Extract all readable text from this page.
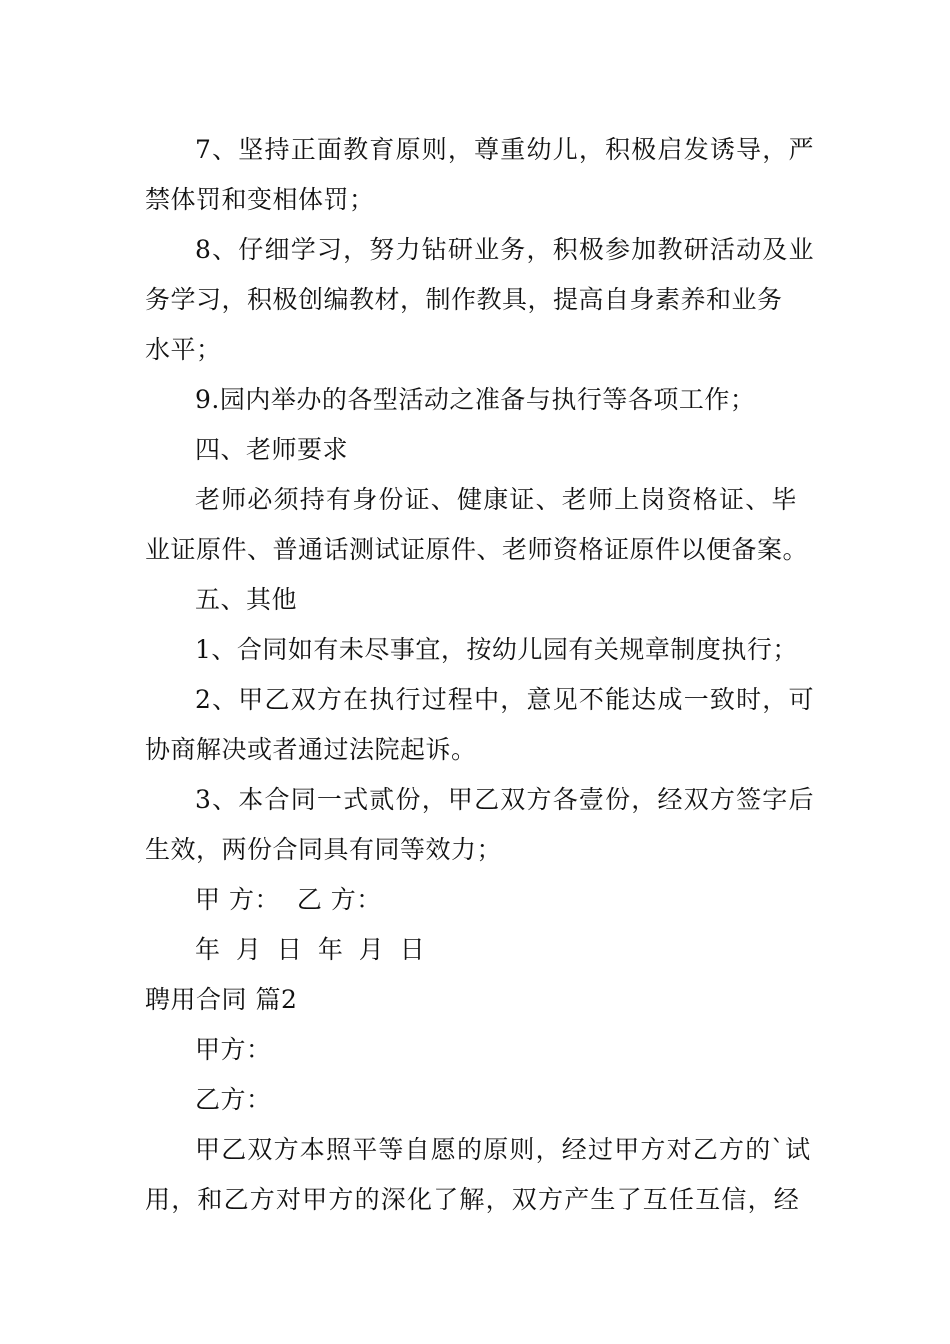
7、坚持正面教育原则，尊重幼儿，积极启发诱导，严
禁体罚和变相体罚；
8、仔细学习，努力钻研业务，积极参加教研活动及业
务学习，积极创编教材，制作教具，提高自身素养和业务
水平；
9.园内举办的各型活动之准备与执行等各项工作；
四、老师要求
老师必须持有身份证、健康证、老师上岗资格证、毕
业证原件、普通话测试证原件、老师资格证原件以便备案。
五、其他
1、合同如有未尽事宜，按幼儿园有关规章制度执行；
2、甲乙双方在执行过程中，意见不能达成一致时，可
协商解决或者通过法院起诉。
3、本合同一式贰份，甲乙双方各壹份，经双方签字后
生效，两份合同具有同等效力；
甲 方：  乙 方：
年 月 日 年 月 日
聘用合同 篇2
甲方：
乙方：
甲乙双方本照平等自愿的原则，经过甲方对乙方的`试
用，和乙方对甲方的深化了解，双方产生了互任互信，经
